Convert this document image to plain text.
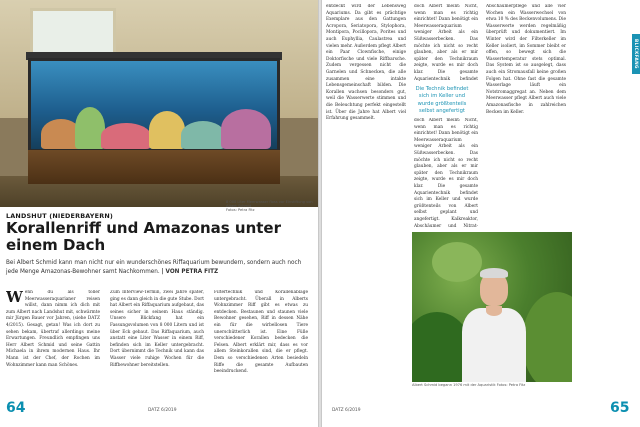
8 000 Liter Meerwasser floss vor Einstiftung von Albert Schmid
Fotos: Petra Fitz
LANDSHUT (NIEDERBAYERN)
Korallenriff und Amazonas unter einem Dach

Bei Albert Schmid kann man nicht nur ein wunderschönes Riffaquarium bewundern, sondern auch noch jede Menge Amazonas-Bewohner samt Nachkommen. | VON PETRA FITZ

Wenn du als toller Meerwasseraquarianer reisen willst, dann nimm ich dich mit zum Albert nach Landshut mit, schwärmte mir Jürgen Bauer vor Jahren, (siehe DATZ 4/2015). Gesagt, getan! Was ich dort zu sehen bekam, übertraf allerdings meine Erwartungen. Freundlich empfingen uns Herr Albert Schmid und seine Gattin Michaela in ihrem modernen Haus. Ihr Mann ist der Chef, der Rochen im Wohnzimmer kann man Schönes.

Zum Interview-Termin, zwei Jahre später, ging es dann gleich in die gute Stube. Dort hat Albert ein Riffaquarium aufgebaut, das seines sicher in seinem Haus ständig. Unsere Blickfang hat ein Fassungsvolumen von 8 000 Litern und ist über Eck gebaut. Das Riffaquarium, auch anstatt eine Liter Wasser in einem Riff, befinden sich im Keller untergebracht. Dort übernimmt die Technik und kann das Wasser viele ruhige Wochen für die Riffbewohner bereitstellen.

Filtertechnik und Korallenablage untergebracht. Überall in Alberts Wohnzimmer Riff gibt es etwas zu entdecken. Bestaunen und staunen viele Bewohner gesehen, Riff in dessen Nähe ein für die wirbellosen Tiere unerschütterlich ist. Eine Fülle verschiedener Korallen bedecken die Felsen. Albert erklärt mir, dass es vor allem Steinkorallen sind, die er pflegt. Dem so verschiedenen Arten besiedeln Riffe die gesamte Aufbauten beeindruckend.

64	DATZ 6/2019
BLICKFANG

entdeckt wird der Lebensweg Aquariums. Da gibt es prächtige Exemplare aus den Gattungen Acropora, Seriatopora, Stylophora, Montipora, Pocillopora, Porites und auch Euphyllia, Caulastrea und vielen mehr. Außerdem pflegt Albert ein Paar Clownfische, einige Doktorfische und viele Riffbarsche. Zudem vergessen nicht die Garnelen und Schnecken, die alle zusammen eine intakte Lebensgemeinschaft bilden. Die Korallen wachsen besonders gut, weil die Wasserwerte stimmen und die Beleuchtung perfekt eingestellt ist. Über die Jahre hat Albert viel Erfahrung gesammelt.

doch Albert meint: Nicht, wenn man es richtig einrichtet! Dann benötigt ein Meerwasseraquarium weniger Arbeit als ein Süßwasserbecken. Das möchte ich nicht so recht glauben, aber als er mir später den Technikraum zeigte, wurde es mir doch klar. Die gesamte Aquarientechnik befindet

Die Technik befindet sich im Keller und wurde größtenteils selbst angefertigt

doch Albert meint: Nicht, wenn man es richtig einrichtet! Dann benötigt ein Meerwasseraquarium weniger Arbeit als ein Süßwasserbecken. Das möchte ich nicht so recht glauben, aber als er mir später den Technikraum zeigte, wurde es mir doch klar. Die gesamte Aquarientechnik befindet sich im Keller und wurde größtenteils von Albert selbst geplant und angefertigt. Kalkreaktor, Abschäumer und Nitrat-

Abschäumerpflege und alle vier Wochen ein Wasserwechsel von etwa 10 % des Beckenvolumens. Die Wasserwerte werden regelmäßig überprüft und dokumentiert. Im Winter wird der Filterkeller im Keller isoliert, im Sommer bleibt er offen, so bewegt sich die Wassertemperatur stets optimal. Das System ist so ausgelegt, dass auch ein Stromausfall keine großen Folgen hat. Ohne fast die gesamte Wasserlage läuft ein Notstromaggregat an. Neben dem Meerwasser pflegt Albert auch viele Amazonasfische in zahlreichen Becken im Keller.

Albert Schmid begann 1976 mit der Aquaristik Fotos: Petra Fitz
DATZ 6/2019	65
